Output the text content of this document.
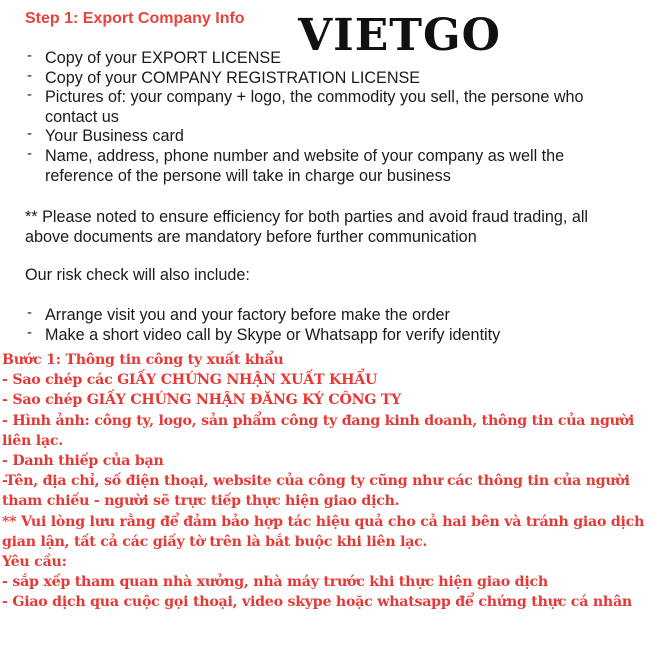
Step 1: Export Company Info VIETGO
- Copy of your EXPORT LICENSE
- Copy of your COMPANY REGISTRATION LICENSE
- Pictures of: your company + logo, the commodity you sell, the persone who contact us
- Your Business card
- Name, address, phone number and website of your company as well the reference of the persone will take in charge our business
** Please noted to ensure efficiency for both parties and avoid fraud trading, all above documents are mandatory before further communication
Our risk check will also include:
- Arrange visit you and your factory before make the order
- Make a short video call by Skype or Whatsapp for verify identity

Bước 1: Thông tin công ty xuất khẩu

- Sao chép các GIẤY CHỨNG NHẬN XUẤT KHẨU

- Sao chép GIẤY CHỨNG NHẬN ĐĂNG KÝ CÔNG TY

- Hình ảnh: công ty, logo, sản phẩm công ty đang kinh doanh, thông tin của người liên lạc.

- Danh thiếp của bạn

-Tên, địa chỉ, số điện thoại, website của công ty cũng như các thông tin của người tham chiếu - người sẽ trực tiếp thực hiện giao dịch.

** Vui lòng lưu rằng để đảm bảo hợp tác hiệu quả cho cả hai bên và tránh giao dịch gian lận, tất cả các giấy tờ trên là bắt buộc khi liên lạc.

Yêu cầu:

- sắp xếp tham quan nhà xưởng, nhà máy trước khi thực hiện giao dịch

- Giao dịch qua cuộc gọi thoại, video skype hoặc whatsapp để chứng thực cá nhân
